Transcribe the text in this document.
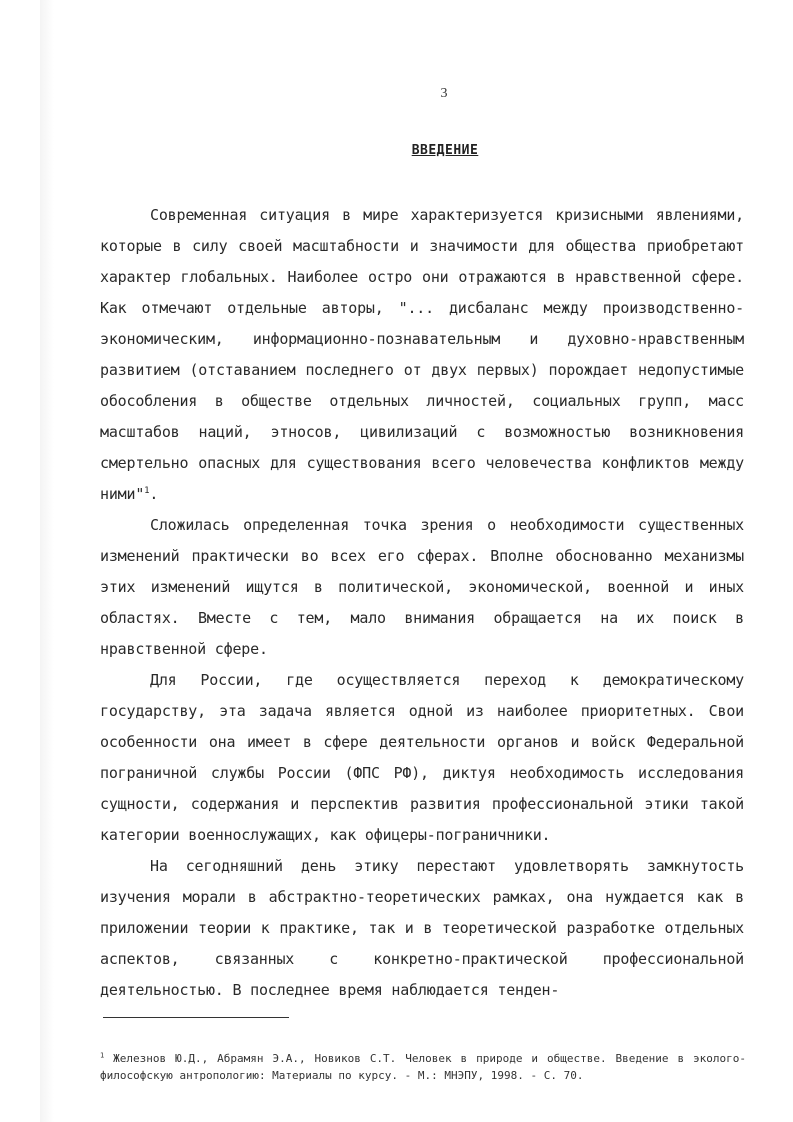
3
ВВЕДЕНИЕ

Современная ситуация в мире характеризуется кризисными явлениями, которые в силу своей масштабности и значимости для общества приобретают характер глобальных. Наиболее остро они отражаются в нравственной сфере. Как отмечают отдельные авторы, "... дисбаланс между производственно-экономическим, информационно-познавательным и духовно-нравственным развитием (отставанием последнего от двух первых) порождает недопустимые обособления в обществе отдельных личностей, социальных групп, масс масштабов наций, этносов, цивилизаций с возможностью возникновения смертельно опасных для существования всего человечества конфликтов между ними"$^1$.

Сложилась определенная точка зрения о необходимости существенных изменений практически во всех его сферах. Вполне обоснованно механизмы этих изменений ищутся в политической, экономической, военной и иных областях. Вместе с тем, мало внимания обращается на их поиск в нравственной сфере.

Для России, где осуществляется переход к демократическому государству, эта задача является одной из наиболее приоритетных. Свои особенности она имеет в сфере деятельности органов и войск Федеральной пограничной службы России (ФПС РФ), диктуя необходимость исследования сущности, содержания и перспектив развития профессиональной этики такой категории военнослужащих, как офицеры-пограничники.

На сегодняшний день этику перестают удовлетворять замкнутость изучения морали в абстрактно-теоретических рамках, она нуждается как в приложении теории к практике, так и в теоретической разработке отдельных аспектов, связанных с конкретно-практической профессиональной деятельностью. В последнее время наблюдается тенден-

$^1$ Железнов Ю.Д., Абрамян Э.А., Новиков С.Т. Человек в природе и обществе. Введение в эколого-философскую антропологию: Материалы по курсу. - М.: МНЭПУ, 1998. - С. 70.
